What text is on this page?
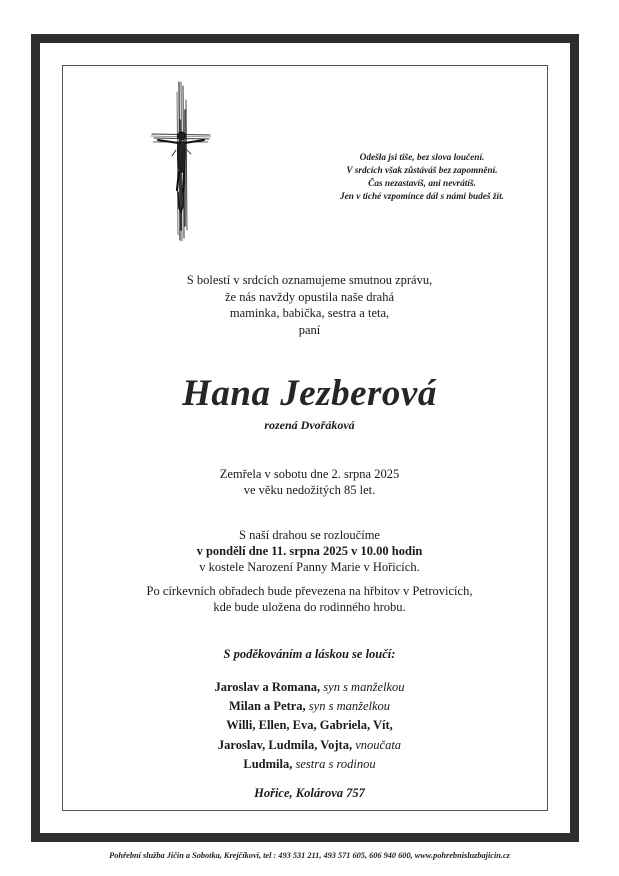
Odešla jsi tiše, bez slova loučení.
V srdcích však zůstáváš bez zapomnění.
Čas nezastavíš, ani nevrátíš.
Jen v tiché vzpomínce dál s námi budeš žít.
S bolestí v srdcích oznamujeme smutnou zprávu,
že nás navždy opustila naše drahá
maminka, babička, sestra a teta,
paní
Hana Jezberová
rozená Dvořáková
Zemřela v sobotu dne 2. srpna 2025
ve věku nedožitých 85 let.
S naší drahou se rozloučíme
v pondělí dne 11. srpna 2025 v 10.00 hodin
v kostele Narození Panny Marie v Hořicích.
Po církevních obřadech bude převezena na hřbitov v Petrovicích,
kde bude uložena do rodinného hrobu.
S poděkováním a láskou se loučí:
Jaroslav a Romana, syn s manželkou
Milan a Petra, syn s manželkou
Willi, Ellen, Eva, Gabriela, Vít,
Jaroslav, Ludmila, Vojta, vnoučata
Ludmila, sestra s rodinou
Hořice, Kolárova 757
Pohřební služba Jičín a Sobotka, Krejčíkovi, tel : 493 531 211, 493 571 605, 606 940 600, www.pohrebnisluzbajicin.cz
